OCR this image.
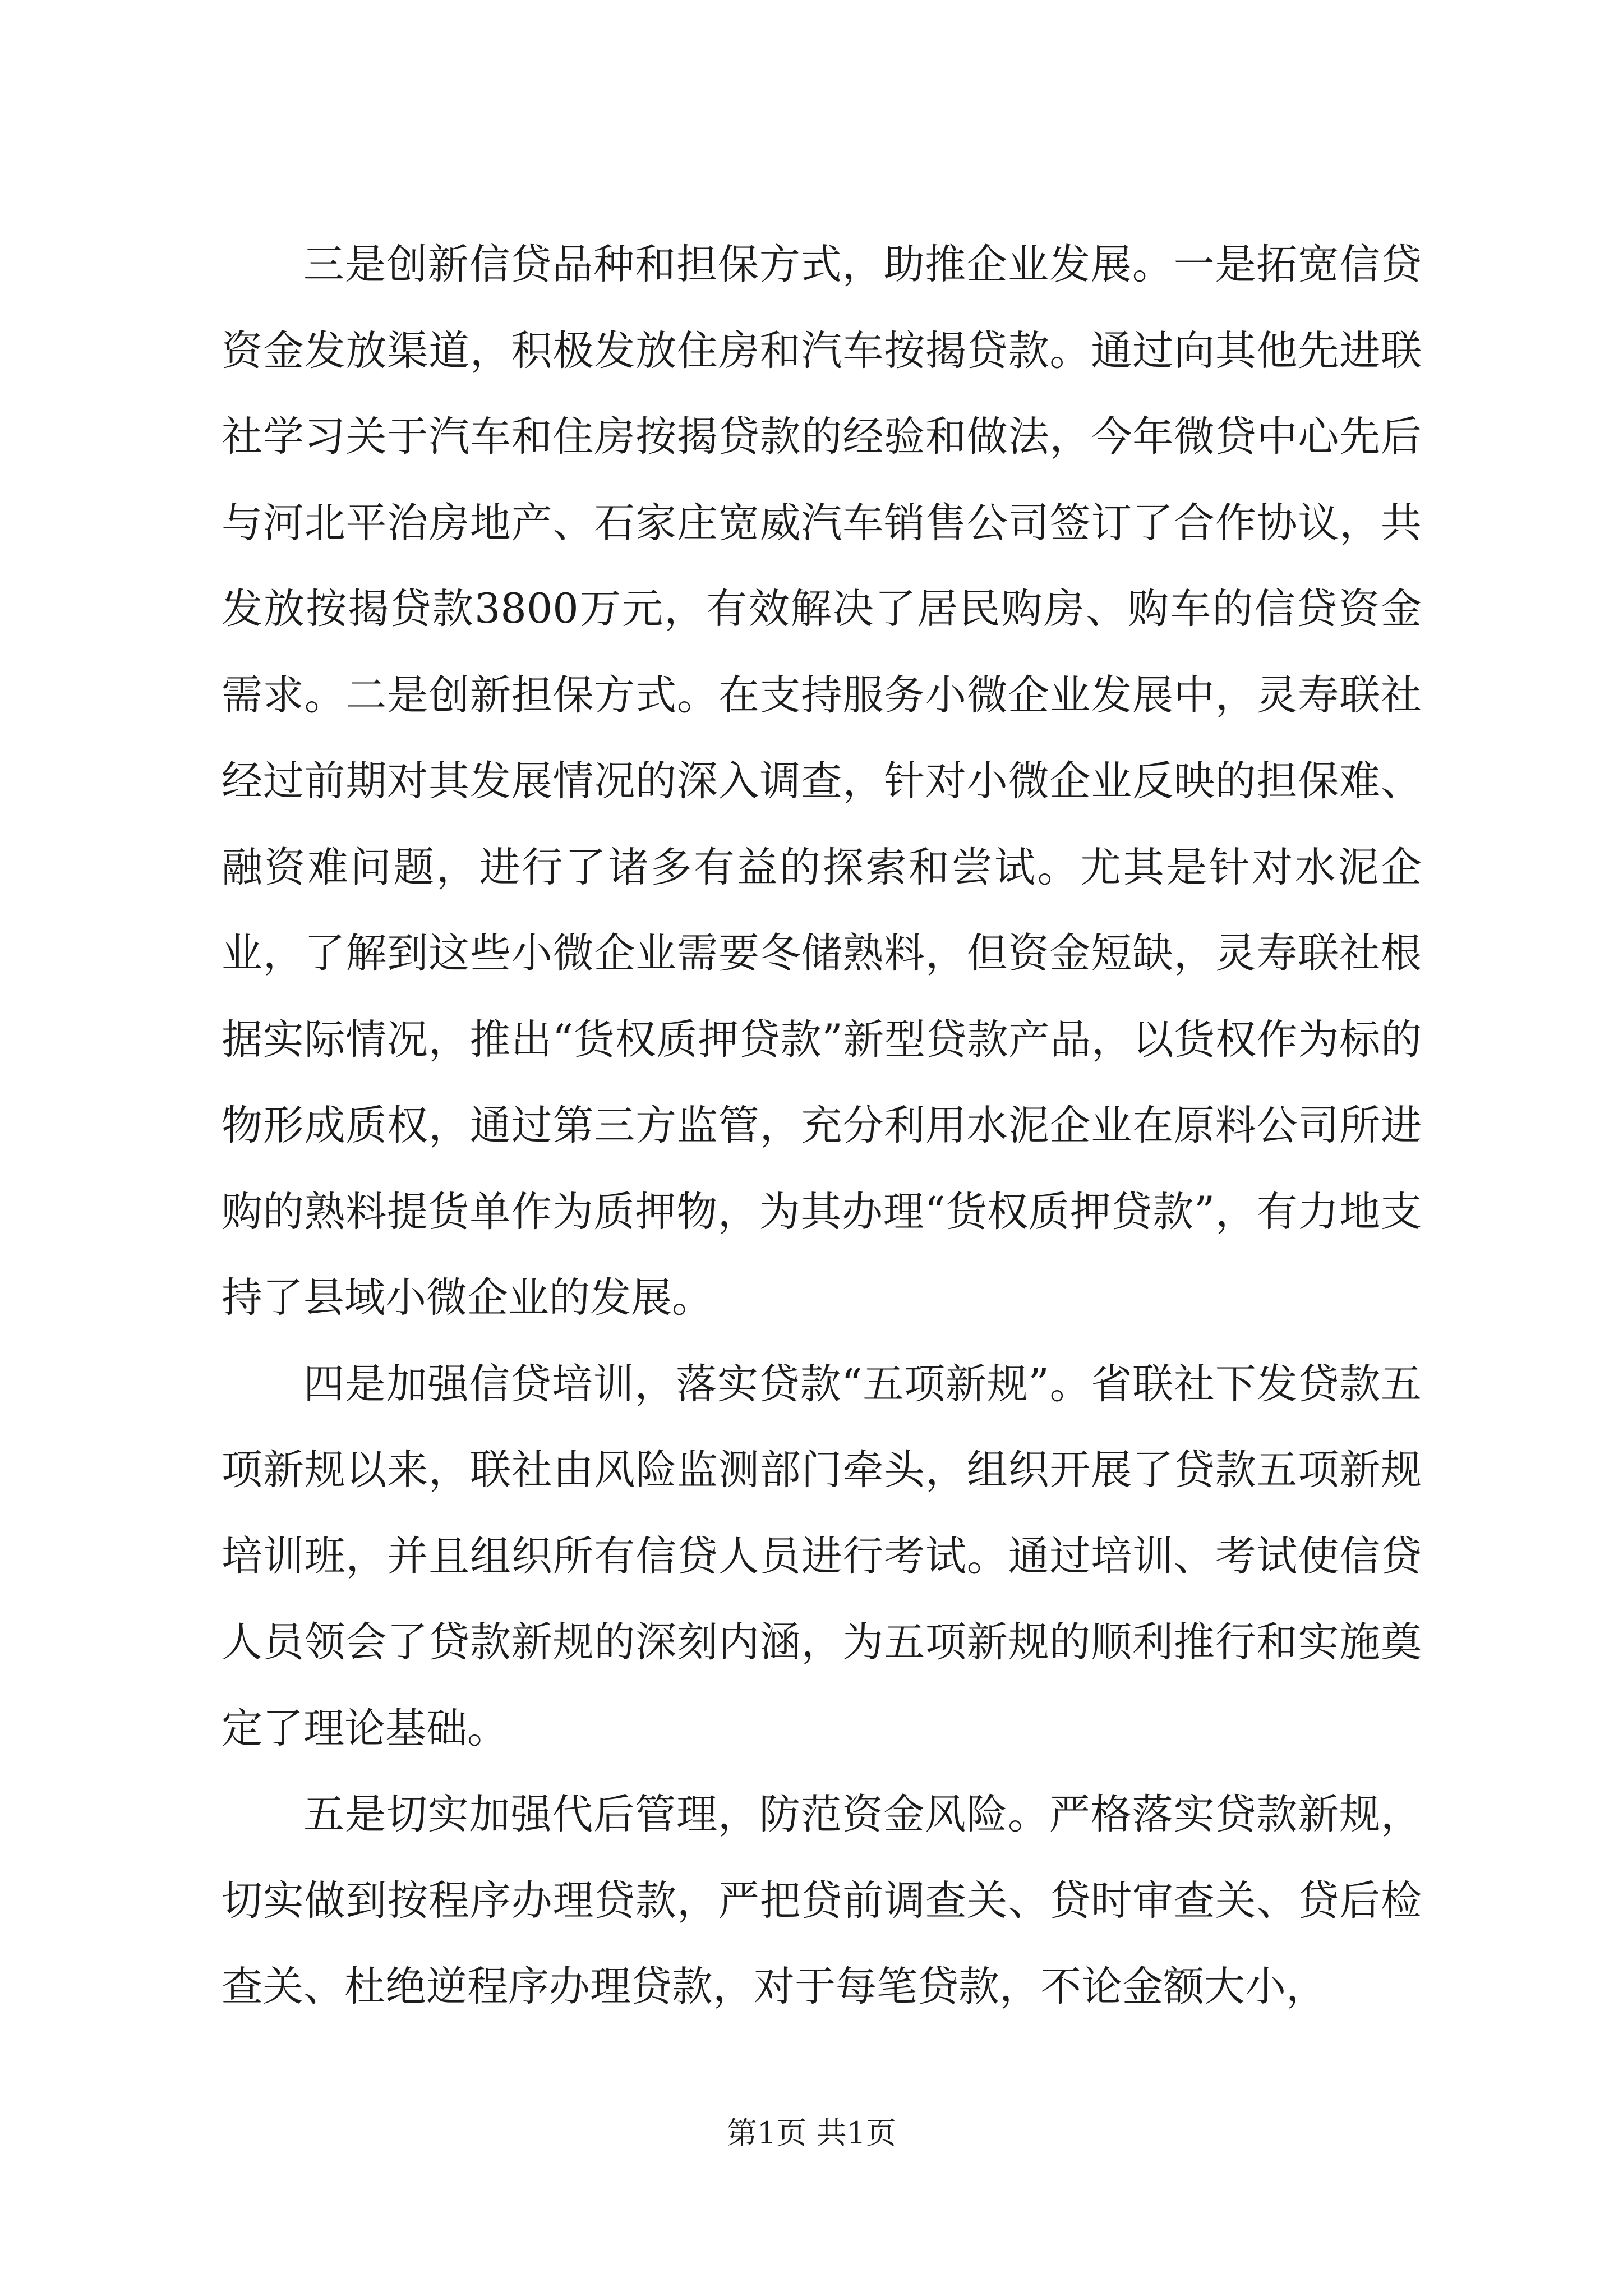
三是创新信贷品种和担保方式，助推企业发展。一是拓宽信贷资金发放渠道，积极发放住房和汽车按揭贷款。通过向其他先进联社学习关于汽车和住房按揭贷款的经验和做法，今年微贷中心先后与河北平治房地产、石家庄宽威汽车销售公司签订了合作协议，共发放按揭贷款3800万元，有效解决了居民购房、购车的信贷资金需求。二是创新担保方式。在支持服务小微企业发展中，灵寿联社经过前期对其发展情况的深入调查，针对小微企业反映的担保难、融资难问题，进行了诸多有益的探索和尝试。尤其是针对水泥企业，了解到这些小微企业需要冬储熟料，但资金短缺，灵寿联社根据实际情况，推出“货权质押贷款”新型贷款产品，以货权作为标的物形成质权，通过第三方监管，充分利用水泥企业在原料公司所进购的熟料提货单作为质押物，为其办理“货权质押贷款”，有力地支持了县域小微企业的发展。

四是加强信贷培训，落实贷款“五项新规”。省联社下发贷款五项新规以来，联社由风险监测部门牵头，组织开展了贷款五项新规培训班，并且组织所有信贷人员进行考试。通过培训、考试使信贷人员领会了贷款新规的深刻内涵，为五项新规的顺利推行和实施奠定了理论基础。

五是切实加强代后管理，防范资金风险。严格落实贷款新规，切实做到按程序办理贷款，严把贷前调查关、贷时审查关、贷后检查关、杜绝逆程序办理贷款，对于每笔贷款，不论金额大小，

第1页 共1页
